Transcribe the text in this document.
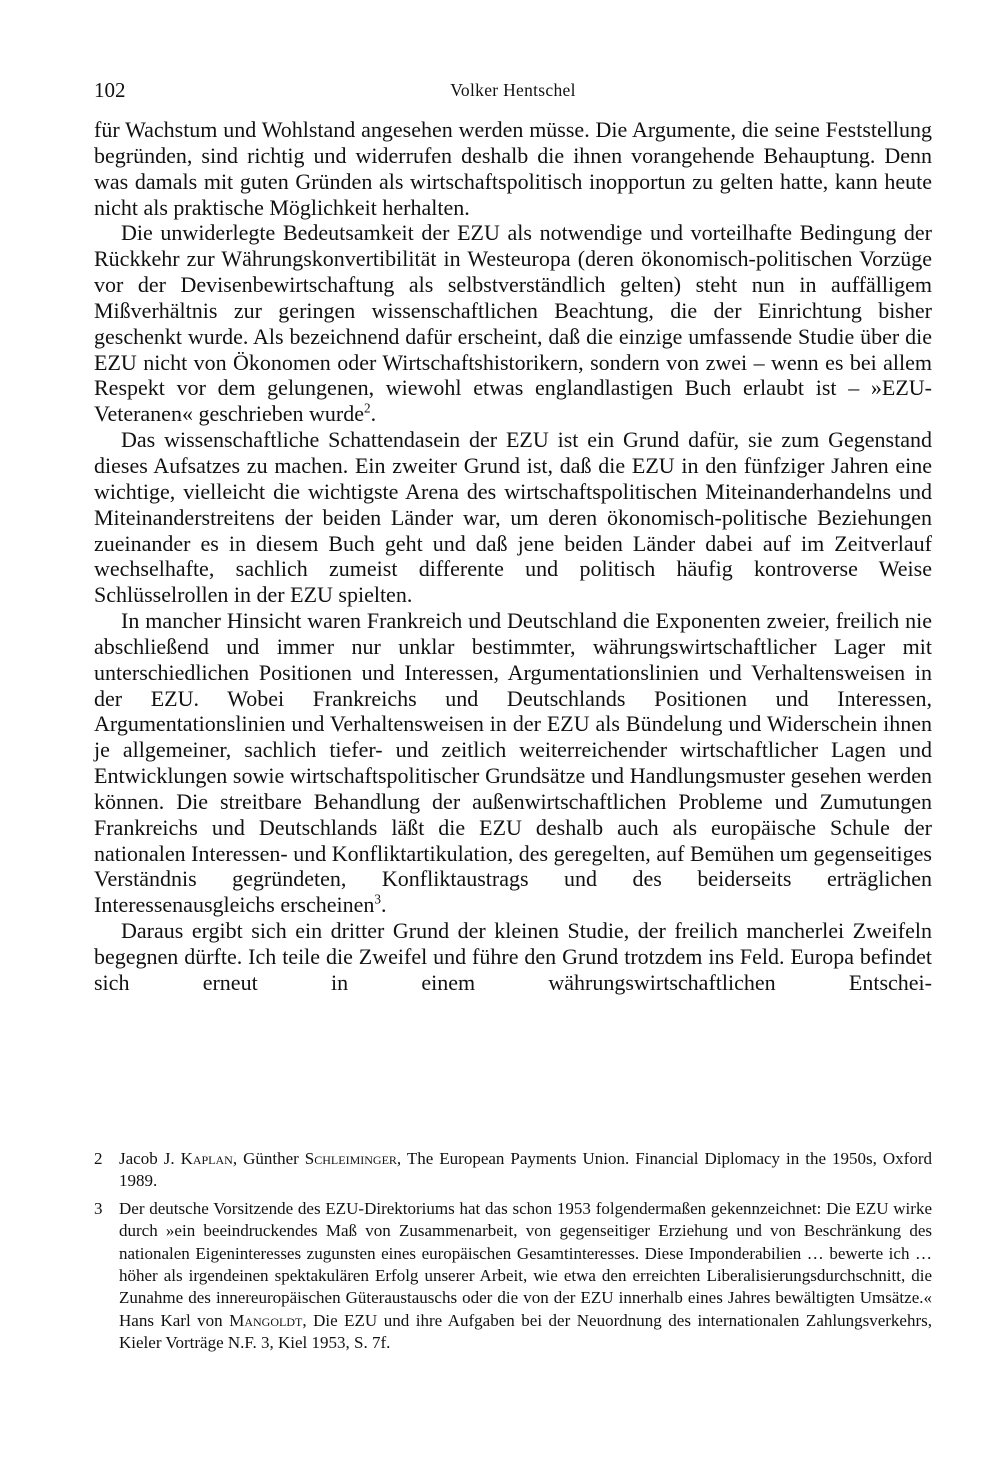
102	Volker Hentschel

für Wachstum und Wohlstand angesehen werden müsse. Die Argumente, die seine Feststellung begründen, sind richtig und widerrufen deshalb die ihnen vorangehende Behauptung. Denn was damals mit guten Gründen als wirtschaftspolitisch inopportun zu gelten hatte, kann heute nicht als praktische Möglichkeit herhalten.

Die unwiderlegte Bedeutsamkeit der EZU als notwendige und vorteilhafte Bedingung der Rückkehr zur Währungskonvertibilität in Westeuropa (deren ökonomisch-politischen Vorzüge vor der Devisenbewirtschaftung als selbstverständlich gelten) steht nun in auffälligem Mißverhältnis zur geringen wissenschaftlichen Beachtung, die der Einrichtung bisher geschenkt wurde. Als bezeichnend dafür erscheint, daß die einzige umfassende Studie über die EZU nicht von Ökonomen oder Wirtschaftshistorikern, sondern von zwei – wenn es bei allem Respekt vor dem gelungenen, wiewohl etwas englandlastigen Buch erlaubt ist – »EZU-Veteranen« geschrieben wurde$^2$.

Das wissenschaftliche Schattendasein der EZU ist ein Grund dafür, sie zum Gegenstand dieses Aufsatzes zu machen. Ein zweiter Grund ist, daß die EZU in den fünfziger Jahren eine wichtige, vielleicht die wichtigste Arena des wirtschaftspolitischen Miteinanderhandelns und Miteinanderstreitens der beiden Länder war, um deren ökonomisch-politische Beziehungen zueinander es in diesem Buch geht und daß jene beiden Länder dabei auf im Zeitverlauf wechselhafte, sachlich zumeist differente und politisch häufig kontroverse Weise Schlüsselrollen in der EZU spielten.

In mancher Hinsicht waren Frankreich und Deutschland die Exponenten zweier, freilich nie abschließend und immer nur unklar bestimmter, währungswirtschaftlicher Lager mit unterschiedlichen Positionen und Interessen, Argumentationslinien und Verhaltensweisen in der EZU. Wobei Frankreichs und Deutschlands Positionen und Interessen, Argumentationslinien und Verhaltensweisen in der EZU als Bündelung und Widerschein ihnen je allgemeiner, sachlich tiefer- und zeitlich weiterreichender wirtschaftlicher Lagen und Entwicklungen sowie wirtschaftspolitischer Grundsätze und Handlungsmuster gesehen werden können. Die streitbare Behandlung der außenwirtschaftlichen Probleme und Zumutungen Frankreichs und Deutschlands läßt die EZU deshalb auch als europäische Schule der nationalen Interessen- und Konfliktartikulation, des geregelten, auf Bemühen um gegenseitiges Verständnis gegründeten, Konfliktaustrags und des beiderseits erträglichen Interessenausgleichs erscheinen$^3$.

Daraus ergibt sich ein dritter Grund der kleinen Studie, der freilich mancherlei Zweifeln begegnen dürfte. Ich teile die Zweifel und führe den Grund trotzdem ins Feld. Europa befindet sich erneut in einem währungswirtschaftlichen Entschei-

2 Jacob J. Kaplan, Günther Schleiminger, The European Payments Union. Financial Diplomacy in the 1950s, Oxford 1989.

3 Der deutsche Vorsitzende des EZU-Direktoriums hat das schon 1953 folgendermaßen gekennzeichnet: Die EZU wirke durch »ein beeindruckendes Maß von Zusammenarbeit, von gegenseitiger Erziehung und von Beschränkung des nationalen Eigeninteresses zugunsten eines europäischen Gesamtinteresses. Diese Imponderabilien … bewerte ich … höher als irgendeinen spektakulären Erfolg unserer Arbeit, wie etwa den erreichten Liberalisierungsdurchschnitt, die Zunahme des innereuropäischen Güteraustauschs oder die von der EZU innerhalb eines Jahres bewältigten Umsätze.« Hans Karl von Mangoldt, Die EZU und ihre Aufgaben bei der Neuordnung des internationalen Zahlungsverkehrs, Kieler Vorträge N.F. 3, Kiel 1953, S. 7f.
